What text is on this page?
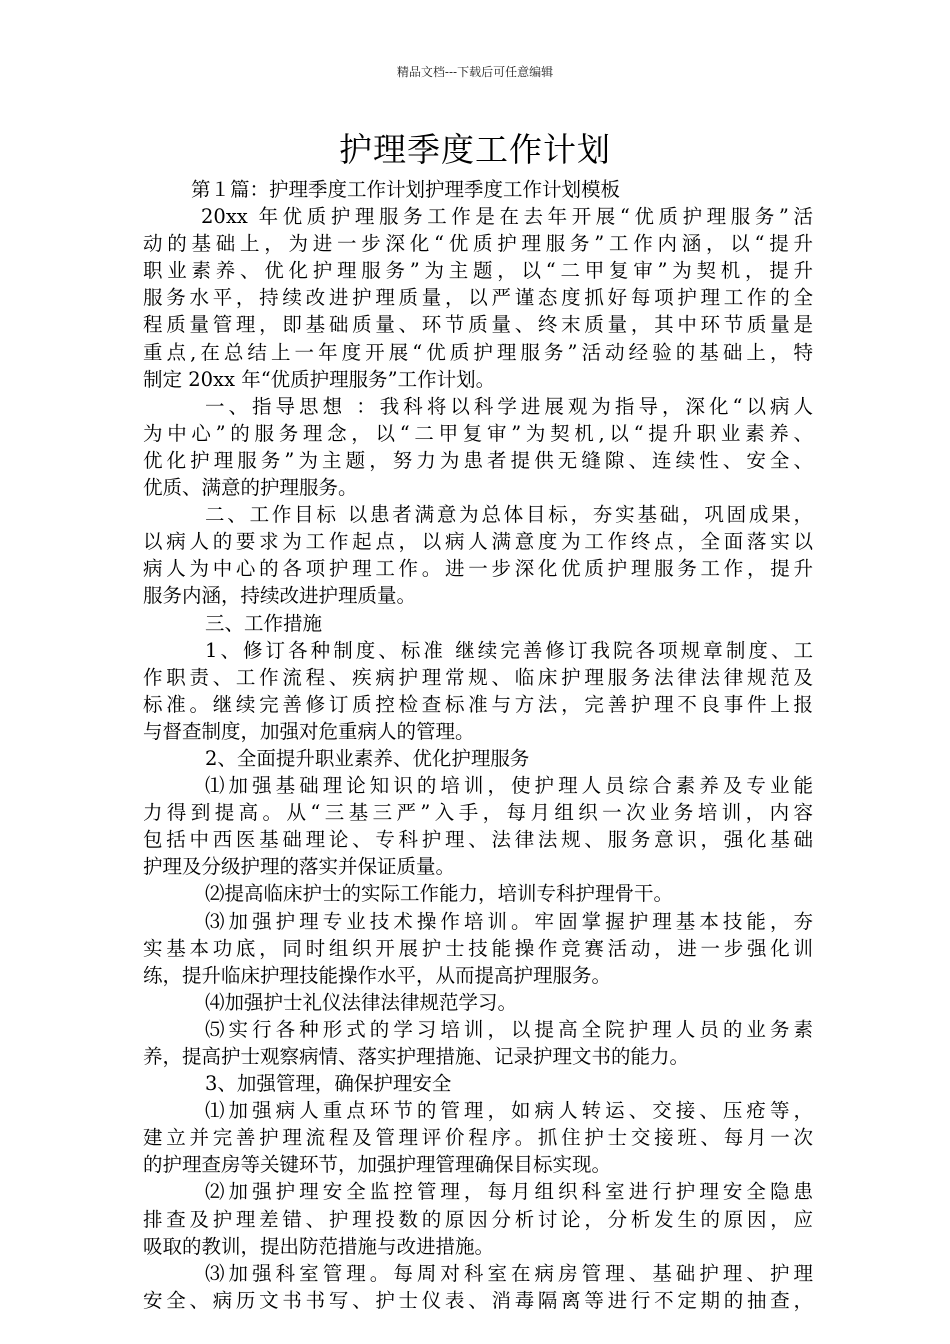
精品文档---下载后可任意编辑
护理季度工作计划
第１篇：护理季度工作计划护理季度工作计划模板
20xx 年优质护理服务工作是在去年开展“优质护理服务”活
动的基础上，为进一步深化“优质护理服务”工作内涵，以“提升
职业素养、优化护理服务”为主题，以“二甲复审”为契机，提升
服务水平，持续改进护理质量，以严谨态度抓好每项护理工作的全
程质量管理，即基础质量、环节质量、终末质量，其中环节质量是
重点,在总结上一年度开展“优质护理服务”活动经验的基础上，特
制定 20xx 年“优质护理服务”工作计划。
一、指导思想 ：我科将以科学进展观为指导，深化“以病人
为中心”的服务理念，以“二甲复审”为契机,以“提升职业素养、
优化护理服务”为主题，努力为患者提供无缝隙、连续性、安全、
优质、满意的护理服务。
二、工作目标 以患者满意为总体目标，夯实基础，巩固成果，
以病人的要求为工作起点，以病人满意度为工作终点，全面落实以
病人为中心的各项护理工作。进一步深化优质护理服务工作，提升
服务内涵，持续改进护理质量。
三、工作措施
1、修订各种制度、标准 继续完善修订我院各项规章制度、工
作职责、工作流程、疾病护理常规、临床护理服务法律法律规范及
标准。继续完善修订质控检查标准与方法，完善护理不良事件上报
与督查制度，加强对危重病人的管理。
2、全面提升职业素养、优化护理服务
⑴加强基础理论知识的培训，使护理人员综合素养及专业能
力得到提高。从“三基三严”入手，每月组织一次业务培训，内容
包括中西医基础理论、专科护理、法律法规、服务意识，强化基础
护理及分级护理的落实并保证质量。
⑵提高临床护士的实际工作能力，培训专科护理骨干。
⑶加强护理专业技术操作培训。牢固掌握护理基本技能，夯
实基本功底，同时组织开展护士技能操作竞赛活动，进一步强化训
练，提升临床护理技能操作水平，从而提高护理服务。
⑷加强护士礼仪法律法律规范学习。
⑸实行各种形式的学习培训，以提高全院护理人员的业务素
养，提高护士观察病情、落实护理措施、记录护理文书的能力。
3、加强管理，确保护理安全
⑴加强病人重点环节的管理，如病人转运、交接、压疮等，
建立并完善护理流程及管理评价程序。抓住护士交接班、每月一次
的护理查房等关键环节，加强护理管理确保目标实现。
⑵加强护理安全监控管理，每月组织科室进行护理安全隐患
排查及护理差错、护理投数的原因分析讨论，分析发生的原因，应
吸取的教训，提出防范措施与改进措施。
⑶加强科室管理。每周对科室在病房管理、基础护理、护理
安全、病历文书书写、护士仪表、消毒隔离等进行不定期的抽查，
